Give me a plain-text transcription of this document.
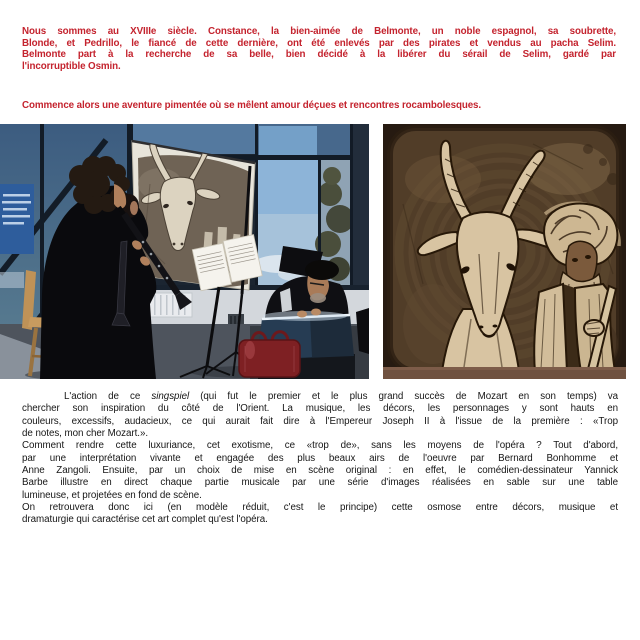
Nous sommes au XVIIIe siècle. Constance, la bien-aimée de Belmonte, un noble espagnol, sa soubrette,
Blonde, et Pedrillo, le fiancé de cette dernière, ont été enlevés par des pirates et vendus au pacha Selim.
Belmonte part à la recherche de sa belle, bien décidé à la libérer du sérail de Selim, gardé par
l'incorruptible Osmin.
Commence alors une aventure pimentée où se mêlent amour déçues et rencontres rocambolesques.
L'action de ce singspiel (qui fut le premier et le plus grand succès de Mozart en son temps) va
chercher son inspiration du côté de l'Orient. La musique, les décors, les personnages y sont hauts en
couleurs, excessifs, audacieux, ce qui aurait fait dire à l'Empereur Joseph II à l'issue de la première : «Trop
de notes, mon cher Mozart.».
Comment rendre cette luxuriance, cet exotisme, ce «trop de», sans les moyens de l'opéra ? Tout d'abord,
par une interprétation vivante et engagée des plus beaux airs de l'oeuvre par Bernard Bonhomme et
Anne Zangoli. Ensuite, par un choix de mise en scène original : en effet, le comédien-dessinateur Yannick
Barbe illustre en direct chaque partie musicale par une série d'images réalisées en sable sur une table
lumineuse, et projetées en fond de scène.
On retrouvera donc ici (en modèle réduit, c'est le principe) cette osmose entre décors, musique et
dramaturgie qui caractérise cet art complet qu'est l'opéra.
